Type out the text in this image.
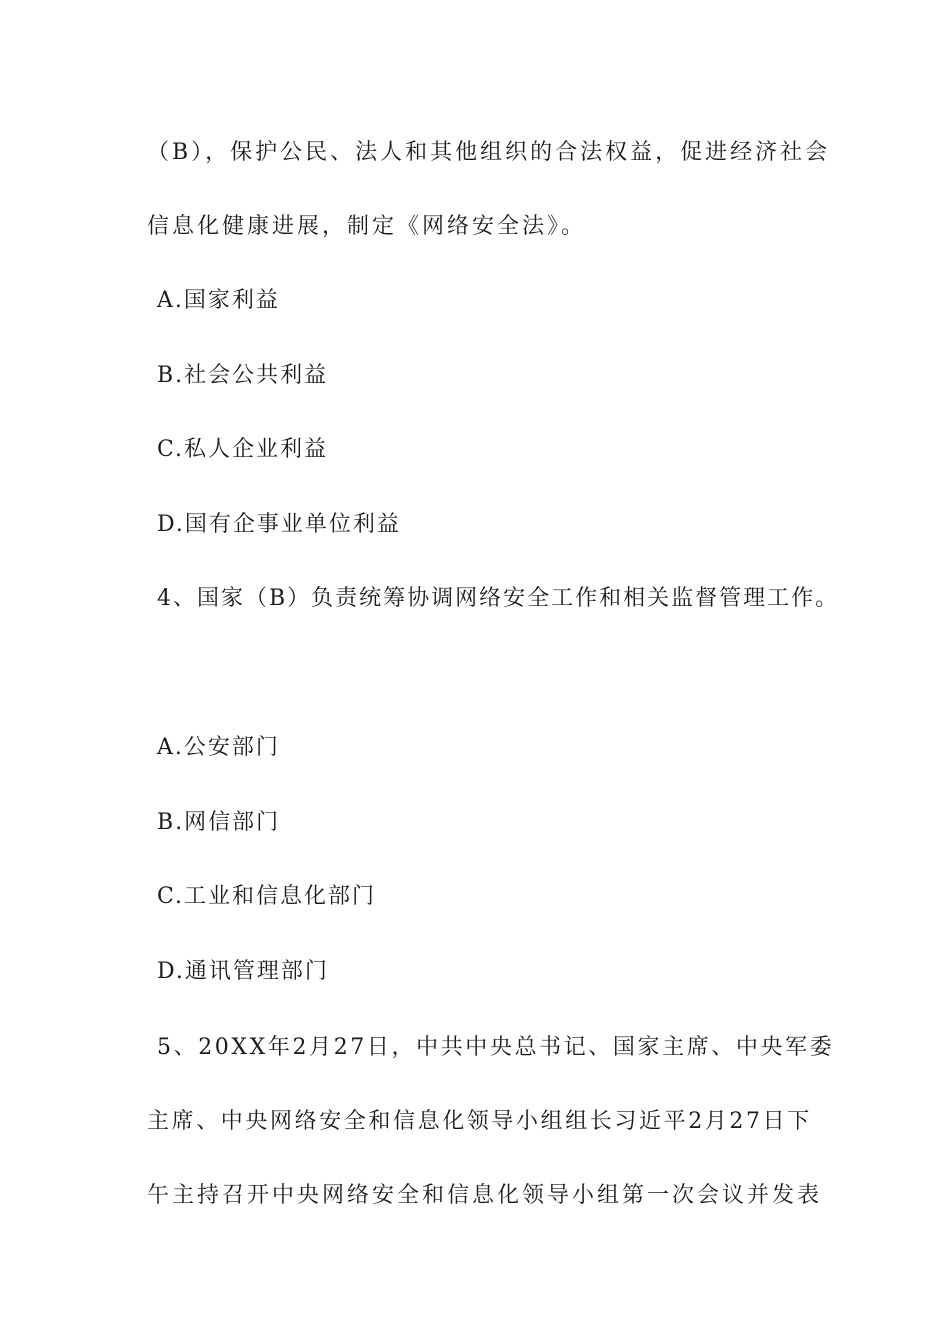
（B），保护公民、法人和其他组织的合法权益，促进经济社会
信息化健康进展，制定《网络安全法》。
A.国家利益
B.社会公共利益
C.私人企业利益
D.国有企事业单位利益
4、国家（B）负责统筹协调网络安全工作和相关监督管理工作。
A.公安部门
B.网信部门
C.工业和信息化部门
D.通讯管理部门
5、20XX年2月27日，中共中央总书记、国家主席、中央军委
主席、中央网络安全和信息化领导小组组长习近平2月27日下
午主持召开中央网络安全和信息化领导小组第一次会议并发表
